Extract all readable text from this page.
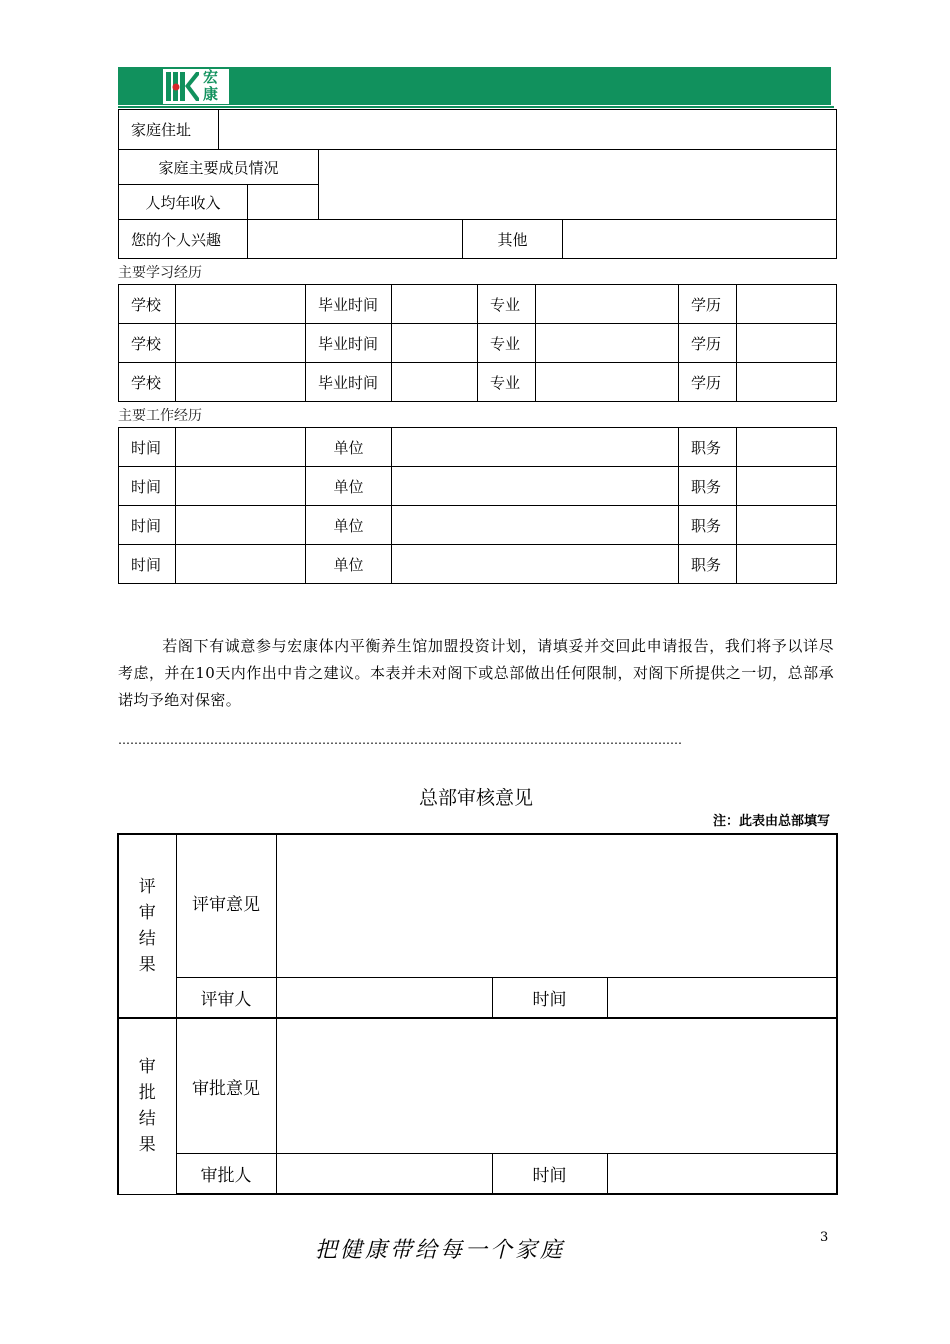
宏康
家庭住址					
家庭主要成员情况					
人均年收入					
您的个人兴趣				其他	
主要学习经历
学校		毕业时间		专业		学历	
学校		毕业时间		专业		学历	
学校		毕业时间		专业		学历	
主要工作经历
时间		单位		职务	
时间		单位		职务	
时间		单位		职务	
时间		单位		职务	
若阁下有诚意参与宏康体内平衡养生馆加盟投资计划，请填妥并交回此申请报告，我们将予以详尽考虑，并在10天内作出中肯之建议。本表并未对阁下或总部做出任何限制，对阁下所提供之一切，总部承诺均予绝对保密。
……………………………………………………………………………………………………………………………
总部审核意见
注：此表由总部填写
评审结果	评审意见			

	评审人		时间	
审批结果	审批意见			

	审批人		时间	
把健康带给每一个家庭
3
